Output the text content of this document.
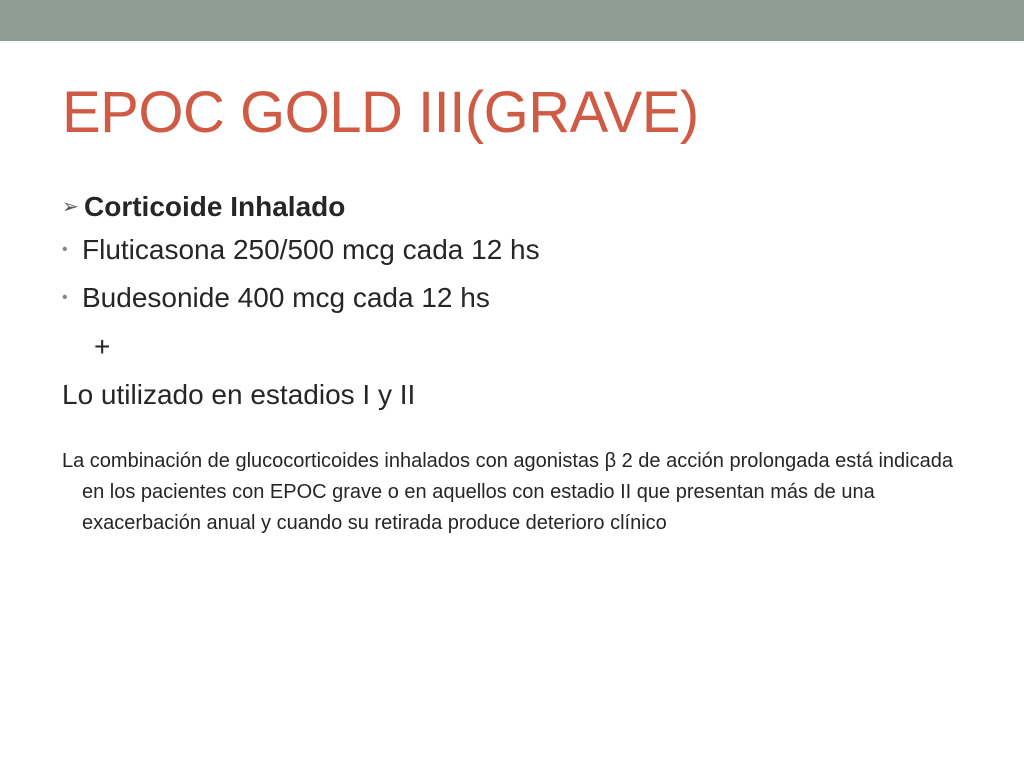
EPOC GOLD III(GRAVE)
➢ Corticoide Inhalado
• Fluticasona 250/500 mcg cada 12 hs
• Budesonide 400 mcg cada 12 hs
+
Lo utilizado en estadios I y II

La combinación de glucocorticoides inhalados con agonistas β 2 de acción prolongada está indicada en los pacientes con EPOC grave o en aquellos con estadio II que presentan más de una exacerbación anual y cuando su retirada produce deterioro clínico
